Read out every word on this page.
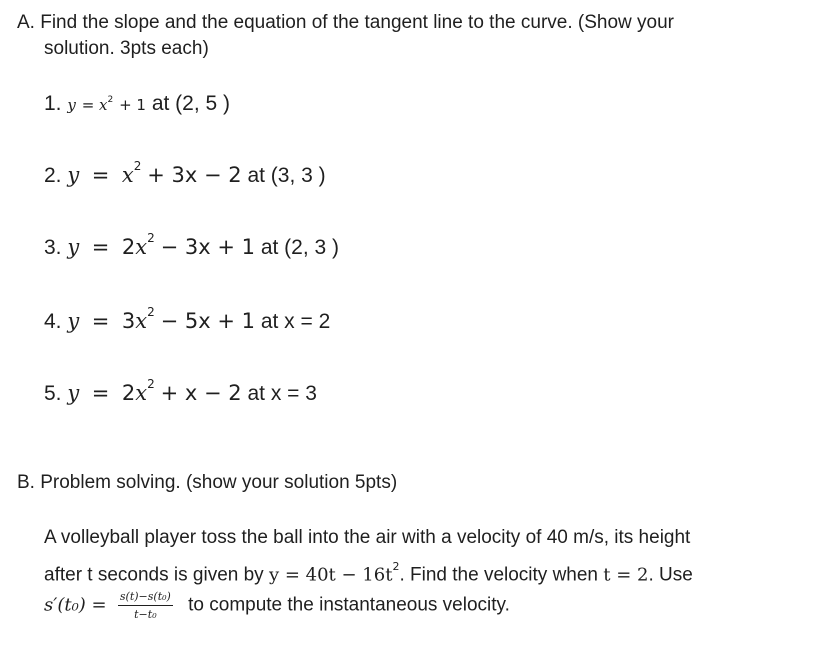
A. Find the slope and the equation of the tangent line to the curve. (Show your
solution. 3pts each)
1. $y = x^2 + 1$ at (2, 5 )
2. $y = x^2 + 3x - 2$ at (3, 3 )
3. $y = 2x^2 - 3x + 1$ at (2, 3 )
4. $y = 3x^2 - 5x + 1$ at x = 2
5. $y = 2x^2 + x - 2$ at x = 3
B. Problem solving. (show your solution 5pts)
A volleyball player toss the ball into the air with a velocity of 40 m/s, its height
after t seconds is given by $y = 40t - 16t^2$. Find the velocity when t = 2. Use
$s'(t_0) = \frac{\text{s(t)−s(t₀)}}{\text{t−t₀}}$ to compute the instantaneous velocity.
